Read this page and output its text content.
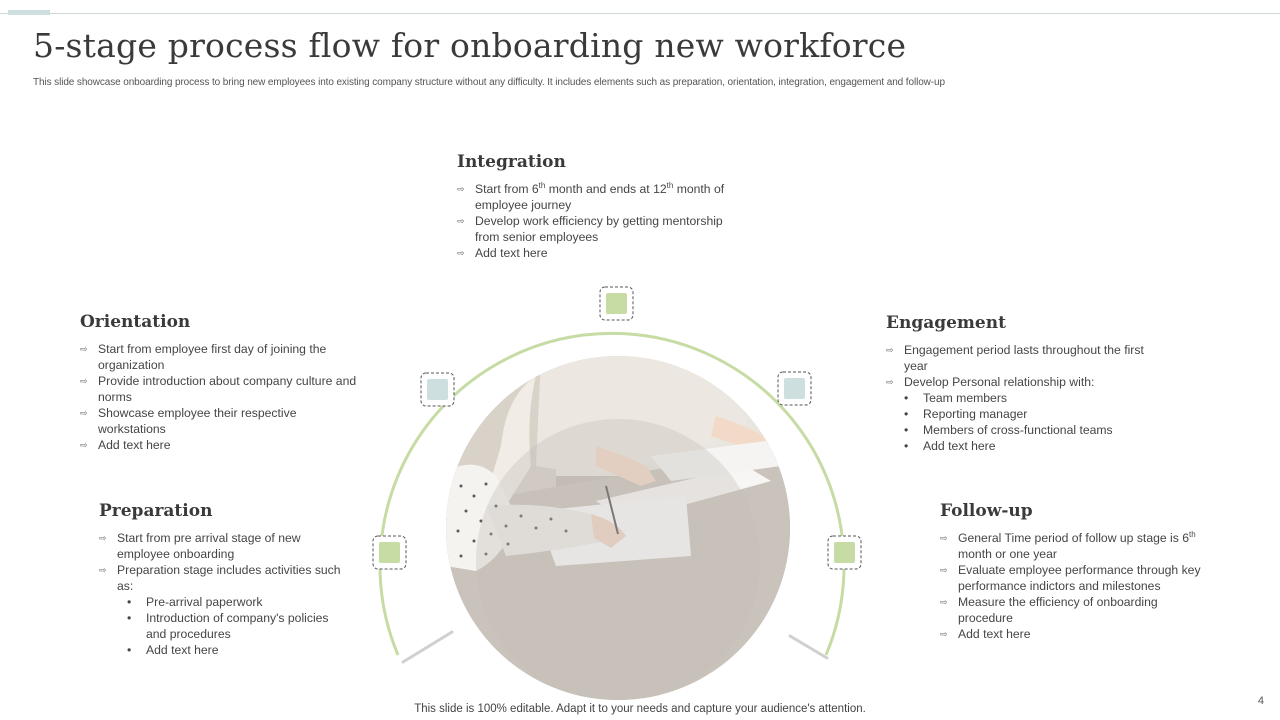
5-stage process flow for onboarding new workforce
This slide showcase onboarding process to bring new employees into existing company structure without any difficulty. It includes elements such as preparation, orientation, integration, engagement and follow-up
Integration
⇨ Start from 6th month and ends at 12th month of employee journey
⇨ Develop work efficiency by getting mentorship from senior employees
⇨ Add text here
Orientation
⇨ Start from employee first day of joining the organization
⇨ Provide introduction about company culture and norms
⇨ Showcase employee their respective workstations
⇨ Add text here
Engagement
⇨ Engagement period lasts throughout the first year
⇨ Develop Personal relationship with:
• Team members
• Reporting manager
• Members of cross-functional teams
• Add text here
Preparation
⇨ Start from pre arrival stage of new employee onboarding
⇨ Preparation stage includes activities such as:
• Pre-arrival paperwork
• Introduction of company's policies and procedures
• Add text here
Follow-up
⇨ General Time period of follow up stage is 6th month or one year
⇨ Evaluate employee performance through key performance indictors and milestones
⇨ Measure the efficiency of onboarding procedure
⇨ Add text here
This slide is 100% editable. Adapt it to your needs and capture your audience's attention.
4
